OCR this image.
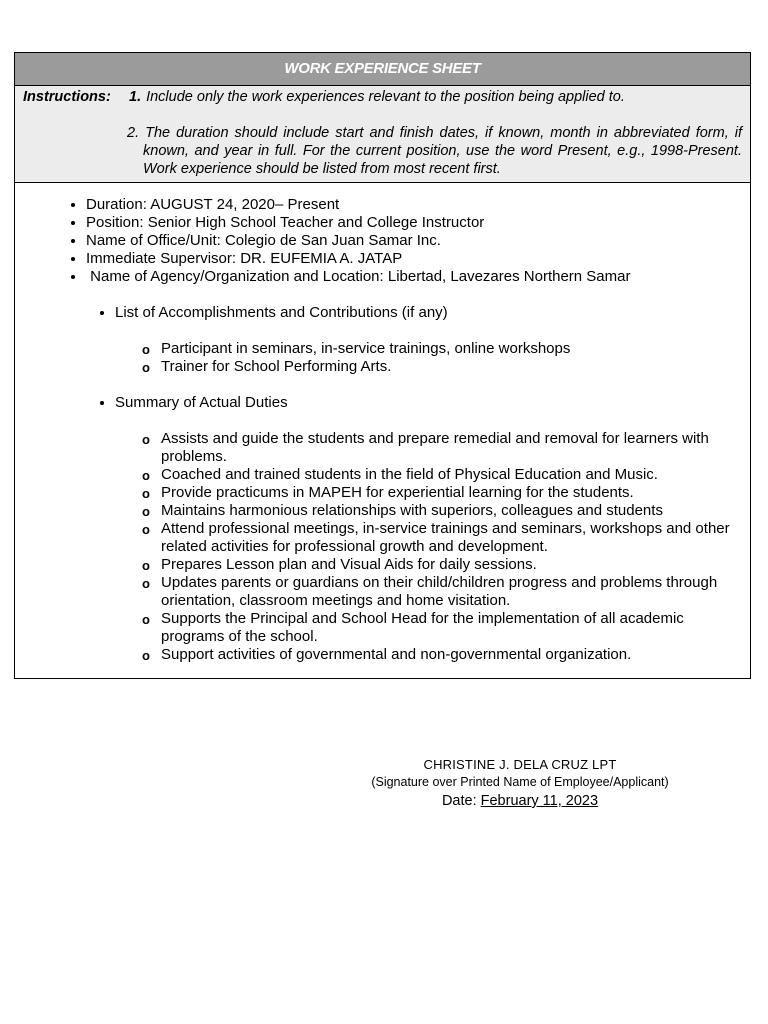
WORK EXPERIENCE SHEET
Instructions:	1. Include only the work experiences relevant to the position being applied to.
2. The duration should include start and finish dates, if known, month in abbreviated form, if known, and year in full. For the current position, use the word Present, e.g., 1998-Present. Work experience should be listed from most recent first.
• Duration: AUGUST 24, 2020– Present
• Position: Senior High School Teacher and College Instructor
• Name of Office/Unit: Colegio de San Juan Samar Inc.
• Immediate Supervisor: DR. EUFEMIA A. JATAP
•  Name of Agency/Organization and Location: Libertad, Lavezares Northern Samar
• List of Accomplishments and Contributions (if any)
o Participant in seminars, in-service trainings, online workshops
o Trainer for School Performing Arts.
• Summary of Actual Duties
o Assists and guide the students and prepare remedial and removal for learners with problems.
o Coached and trained students in the field of Physical Education and Music.
o Provide practicums in MAPEH for experiential learning for the students.
o Maintains harmonious relationships with superiors, colleagues and students
o Attend professional meetings, in-service trainings and seminars, workshops and other related activities for professional growth and development.
o Prepares Lesson plan and Visual Aids for daily sessions.
o Updates parents or guardians on their child/children progress and problems through orientation, classroom meetings and home visitation.
o Supports the Principal and School Head for the implementation of all academic programs of the school.
o Support activities of governmental and non-governmental organization.
CHRISTINE J. DELA CRUZ LPT
(Signature over Printed Name of Employee/Applicant)
Date: February 11, 2023
